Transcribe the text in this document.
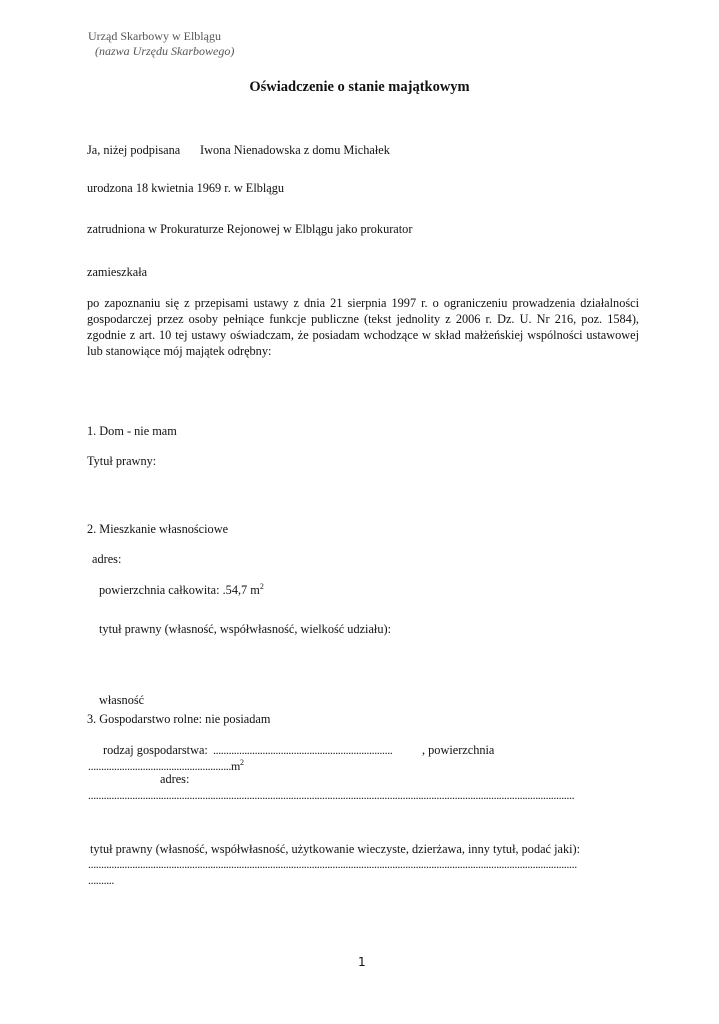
Urząd Skarbowy w Elblągu
(nazwa Urzędu Skarbowego)
Oświadczenie o stanie majątkowym
Ja, niżej podpisana Iwona Nienadowska z domu Michałek
urodzona 18 kwietnia 1969 r. w Elblągu
zatrudniona w Prokuraturze Rejonowej w Elblągu jako prokurator
zamieszkała
po zapoznaniu się z przepisami ustawy z dnia 21 sierpnia 1997 r. o ograniczeniu prowadzenia działalności gospodarczej przez osoby pełniące funkcje publiczne (tekst jednolity z 2006 r. Dz. U. Nr 216, poz. 1584), zgodnie z art. 10 tej ustawy oświadczam, że posiadam wchodzące w skład małżeńskiej wspólności ustawowej lub stanowiące mój majątek odrębny:
1. Dom - nie mam
Tytuł prawny:
2. Mieszkanie własnościowe
adres:
powierzchnia całkowita: .54,7 $m^2$
tytuł prawny (własność, współwłasność, wielkość udziału):
własność
3. Gospodarstwo rolne: nie posiadam
rodzaj gospodarstwa: .....................................................................	, powierzchnia
$.......................................................m^2$
adres:
...........................................................................................................................................................................................
tytuł prawny (własność, współwłasność, użytkowanie wieczyste, dzierżawa, inny tytuł, podać jaki):
............................................................................................................................................................................................
..........
1
